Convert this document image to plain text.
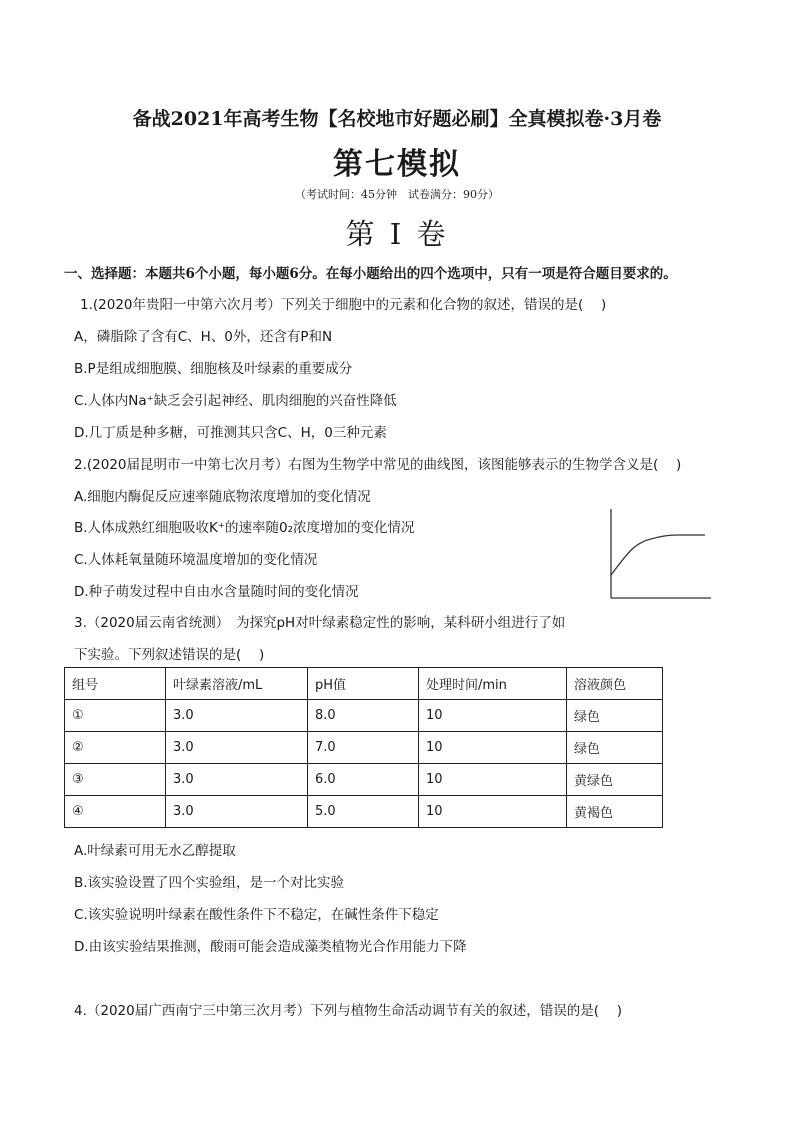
备战2021年高考生物【名校地市好题必刷】全真模拟卷·3月卷
第七模拟
（考试时间：45分钟　试卷满分：90分）
第 I 卷
一、选择题：本题共6个小题，每小题6分。在每小题给出的四个选项中，只有一项是符合题目要求的。
1.(2020年贵阳一中第六次月考）下列关于细胞中的元素和化合物的叙述，错误的是(　 )
A，磷脂除了含有C、H、0外，还含有P和N
B.P是组成细胞膜、细胞核及叶绿素的重要成分
C.人体内Na⁺缺乏会引起神经、肌肉细胞的兴奋性降低
D.几丁质是种多糖，可推测其只含C、H，0三种元素
2.(2020届昆明市一中第七次月考）右图为生物学中常见的曲线图，该图能够表示的生物学含义是(　 )
A.细胞内酶促反应速率随底物浓度增加的变化情况
B.人体成熟红细胞吸收K⁺的速率随0₂浓度增加的变化情况
C.人体耗氧量随环境温度增加的变化情况
D.种子萌发过程中自由水含量随时间的变化情况
3.（2020届云南省统测）　为探究pH对叶绿素稳定性的影响，某科研小组进行了如
下实验。下列叙述错误的是(　 )
组号	叶绿素溶液/mL	pH值	处理时间/min	溶液颜色
①	3.0	8.0	10	绿色
②	3.0	7.0	10	绿色
③	3.0	6.0	10	黄绿色
④	3.0	5.0	10	黄褐色
A.叶绿素可用无水乙醇提取
B.该实验设置了四个实验组，是一个对比实验
C.该实验说明叶绿素在酸性条件下不稳定，在碱性条件下稳定
D.由该实验结果推测，酸雨可能会造成藻类植物光合作用能力下降
4.（2020届广西南宁三中第三次月考）下列与植物生命活动调节有关的叙述，错误的是(　 )
